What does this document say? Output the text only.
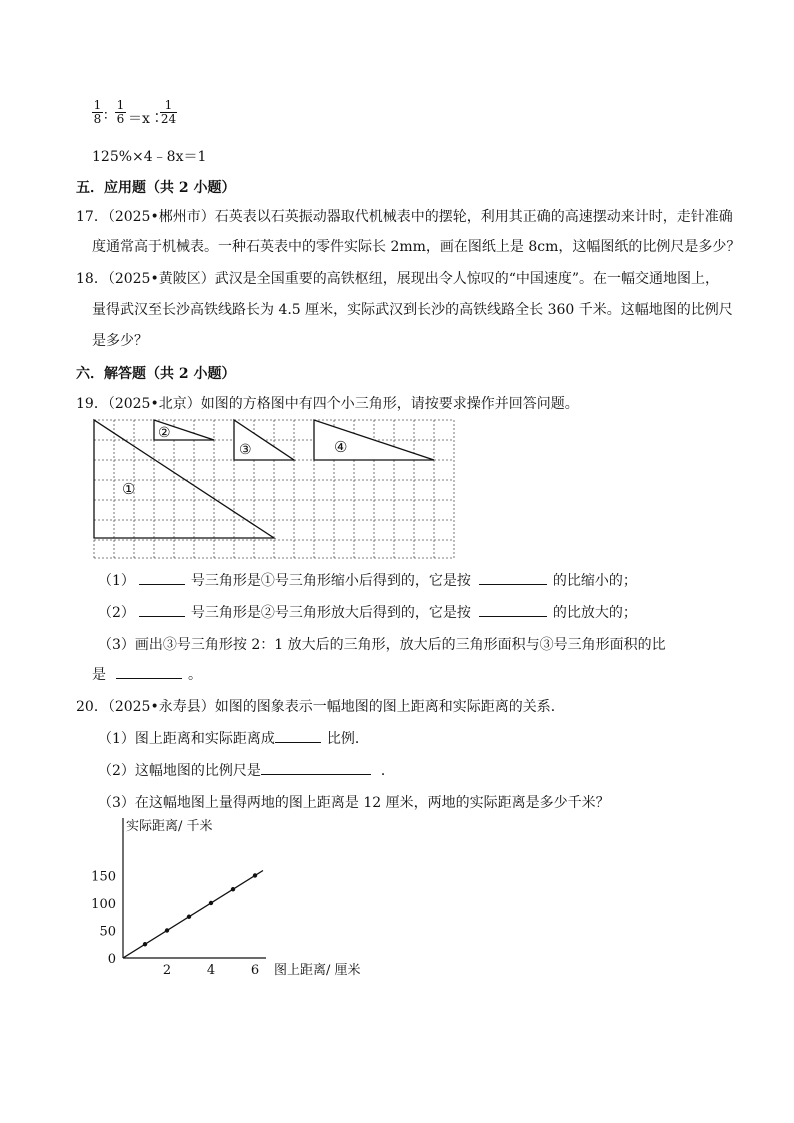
$\frac{1}{8}$ ∶ $\frac{1}{6}$ ＝x∶
$\frac{1}{24}$
125%×4﹣8x＝1
五．应用题（共 2 小题）
17．（2025•郴州市）石英表以石英振动器取代机械表中的摆轮，利用其正确的高速摆动来计时，走针准确
度通常高于机械表。一种石英表中的零件实际长 2mm，画在图纸上是 8cm，这幅图纸的比例尺是多少？
18．（2025•黄陂区）武汉是全国重要的高铁枢纽，展现出令人惊叹的“中国速度”。在一幅交通地图上，
量得武汉至长沙高铁线路长为 4.5 厘米，实际武汉到长沙的高铁线路全长 360 千米。这幅地图的比例尺
是多少？
六．解答题（共 2 小题）
19．（2025•北京）如图的方格图中有四个小三角形，请按要求操作并回答问题。
①
②
③	④
（1）	号三角形是①号三角形缩小后得到的，它是按	的比缩小的；
（2）	号三角形是②号三角形放大后得到的，它是按	的比放大的；
（3）画出③号三角形按 2：1 放大后的三角形，放大后的三角形面积与③号三角形面积的比
是	。
20．（2025•永寿县）如图的图象表示一幅地图的图上距离和实际距离的关系．
（1）图上距离和实际距离成	比例．
（2）这幅地图的比例尺是	．
（3）在这幅地图上量得两地的图上距离是 12 厘米，两地的实际距离是多少千米？
0
50
100
150
2	4	6
实际距离/ 千米
图上距离/ 厘米
